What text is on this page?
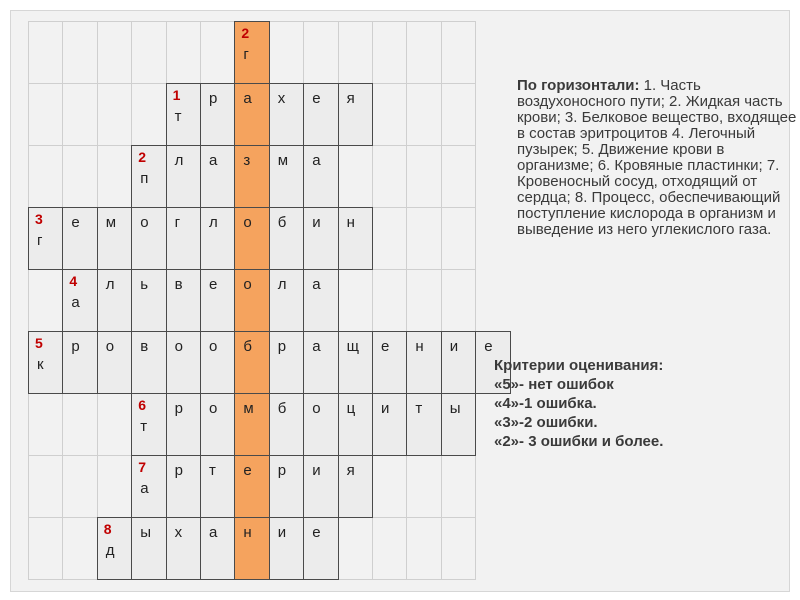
2
г
1
т
р а х е я
2
п
л а з м а
3
г
е м о г л о б и н
4
а
л ь в е о л а
5
к
р о в о о б р а щ е н и е
6
т
р о м б о ц и т ы
7
а
р т е р и я
8
д
ы х а н и е
По горизонтали: 1. Часть воздухоносного пути; 2. Жидкая часть крови; 3. Белковое вещество, входящее в состав эритроцитов 4. Легочный пузырек; 5. Движение крови в организме; 6. Кровяные пластинки; 7. Кровеносный сосуд, отходящий от сердца; 8. Процесс, обеспечивающий поступление кислорода в организм и выведение из него углекислого газа.
Критерии оценивания:
«5»- нет ошибок
«4»-1 ошибка.
«3»-2 ошибки.
«2»- 3 ошибки и более.
